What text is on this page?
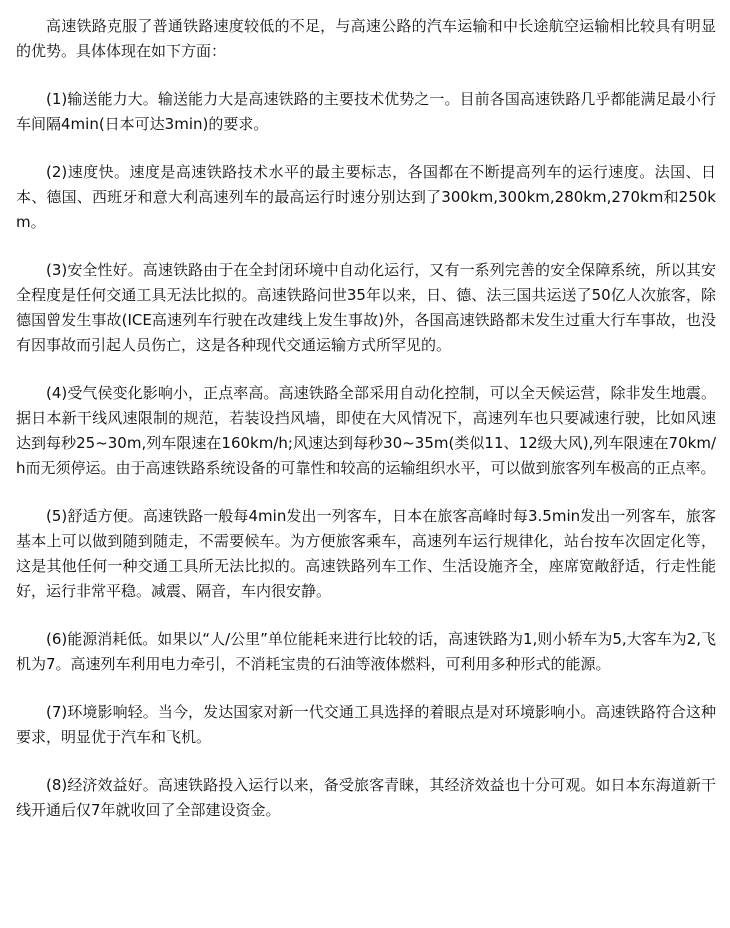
高速铁路克服了普通铁路速度较低的不足，与高速公路的汽车运输和中长途航空运输相比较具有明显的优势。具体体现在如下方面：

(1)输送能力大。输送能力大是高速铁路的主要技术优势之一。目前各国高速铁路几乎都能满足最小行车间隔4min(日本可达3min)的要求。

(2)速度快。速度是高速铁路技术水平的最主要标志，各国都在不断提高列车的运行速度。法国、日本、德国、西班牙和意大利高速列车的最高运行时速分别达到了300km,300km,280km,270km和250km。

(3)安全性好。高速铁路由于在全封闭环境中自动化运行，又有一系列完善的安全保障系统，所以其安全程度是任何交通工具无法比拟的。高速铁路问世35年以来，日、德、法三国共运送了50亿人次旅客，除德国曾发生事故(ICE高速列车行驶在改建线上发生事故)外，各国高速铁路都未发生过重大行车事故，也没有因事故而引起人员伤亡，这是各种现代交通运输方式所罕见的。

(4)受气侯变化影响小，正点率高。高速铁路全部采用自动化控制，可以全天候运营，除非发生地震。据日本新干线风速限制的规范，若装设挡风墙，即使在大风情况下，高速列车也只要减速行驶，比如风速达到每秒25~30m,列车限速在160km/h;风速达到每秒30~35m(类似11、12级大风),列车限速在70km/h而无须停运。由于高速铁路系统设备的可靠性和较高的运输组织水平，可以做到旅客列车极高的正点率。

(5)舒适方便。高速铁路一般每4min发出一列客车，日本在旅客高峰时每3.5min发出一列客车，旅客基本上可以做到随到随走，不需要候车。为方便旅客乘车，高速列车运行规律化，站台按车次固定化等，这是其他任何一种交通工具所无法比拟的。高速铁路列车工作、生活设施齐全，座席宽敞舒适，行走性能好，运行非常平稳。减震、隔音，车内很安静。

(6)能源消耗低。如果以“人/公里”单位能耗来进行比较的话，高速铁路为1,则小轿车为5,大客车为2,飞机为7。高速列车利用电力牵引，不消耗宝贵的石油等液体燃料，可利用多种形式的能源。

(7)环境影响轻。当今，发达国家对新一代交通工具选择的着眼点是对环境影响小。高速铁路符合这种要求，明显优于汽车和飞机。

(8)经济效益好。高速铁路投入运行以来，备受旅客青睐，其经济效益也十分可观。如日本东海道新干线开通后仅7年就收回了全部建设资金。
